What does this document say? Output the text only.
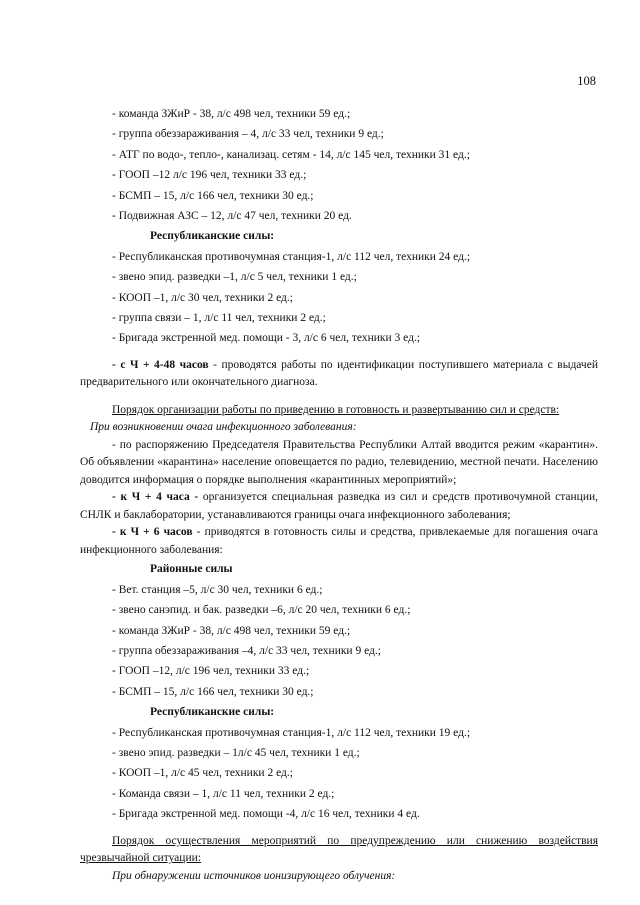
108
- команда ЗЖиР - 38, л/с 498 чел, техники 59 ед.;
- группа обеззараживания – 4, л/с 33 чел, техники 9 ед.;
- АТГ по водо-, тепло-, канализац. сетям - 14, л/с 145 чел, техники 31 ед.;
- ГООП –12 л/с 196 чел, техники 33 ед.;
- БСМП – 15, л/с 166 чел, техники 30 ед.;
- Подвижная АЗС – 12, л/с 47 чел, техники 20 ед.
Республиканские силы:
- Республиканская противочумная станция-1, л/с 112 чел, техники 24 ед.;
- звено эпид. разведки –1, л/с 5 чел, техники 1 ед.;
- КООП –1, л/с 30 чел, техники 2 ед.;
- группа связи – 1, л/с 11 чел, техники 2 ед.;
- Бригада экстренной мед. помощи - 3, л/с 6 чел, техники 3 ед.;
- с Ч + 4-48 часов - проводятся работы по идентификации поступившего материала с выдачей предварительного или окончательного диагноза.
Порядок организации работы по приведению в готовность и развертыванию сил и средств:
При возникновении очага инфекционного заболевания:
- по распоряжению Председателя Правительства Республики Алтай вводится режим «карантин». Об объявлении «карантина» население оповещается по радио, телевидению, местной печати. Населению доводится информация о порядке выполнения «карантинных мероприятий»;
- к Ч + 4 часа - организуется специальная разведка из сил и средств противочумной станции, СНЛК и баклаборатории, устанавливаются границы очага инфекционного заболевания;
- к Ч + 6 часов - приводятся в готовность силы и средства, привлекаемые для погашения очага инфекционного заболевания:
Районные силы
- Вет. станция –5, л/с 30 чел, техники 6 ед.;
- звено санэпид. и бак. разведки –6, л/с 20 чел, техники 6 ед.;
- команда ЗЖиР - 38, л/с 498 чел, техники 59 ед.;
- группа обеззараживания –4, л/с 33 чел, техники 9 ед.;
- ГООП –12, л/с 196 чел, техники 33 ед.;
- БСМП – 15, л/с 166 чел, техники 30 ед.;
Республиканские силы:
- Республиканская противочумная станция-1, л/с 112 чел, техники 19 ед.;
- звено эпид. разведки – 1л/с 45 чел, техники 1 ед.;
- КООП –1, л/с 45 чел, техники 2 ед.;
- Команда связи – 1, л/с 11 чел, техники 2 ед.;
- Бригада экстренной мед. помощи -4, л/с 16 чел, техники 4 ед.
Порядок осуществления мероприятий по предупреждению или снижению воздействия чрезвычайной ситуации:
При обнаружении источников ионизирующего облучения:
